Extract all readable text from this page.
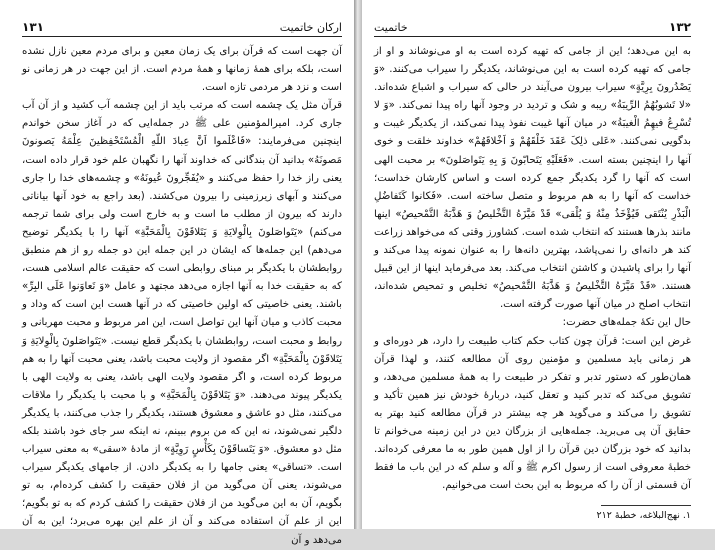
۱۳۱	ارکان خاتمیت

آن جهت است که قرآن برای یک زمان معین و برای مردم معین نازل نشده است، بلکه برای همهٔ زمانها و همهٔ مردم است. از این جهت در هر زمانی نو است و نزد هر مردمی تازه است.

قرآن مثل یک چشمه است که مرتب باید از این چشمه آب کشید و از آن آب جاری کرد. امیرالمؤمنین علی ﷺ در جمله‌ایی که در آغاز سخن خواندم اینچنین می‌فرمایند: «فَاعْلَموا اَنَّ عِبادَ اللّهِ الْمُسْتَحْفِظینَ عِلْمَهُ یَصونونَ مَصونَهُ» بدانید آن بندگانی که خداوند آنها را نگهبان علم خود قرار داده است، یعنی راز خدا را حفظ می‌کنند و «یُفَجِّرونَ عُیونَهُ» و چشمه‌های خدا را جاری می‌کنند و آبهای زیرزمینی را بیرون می‌کشند. (بعد راجع به خود آنها بیاناتی دارند که بیرون از مطلب ما است و به خارج است ولی برای شما ترجمه می‌کنم) «یَتَواصَلونَ بِالْوِلایَةِ وَ یَتَلاقَوْنَ بِالْمَحَبَّةِ» آنها را با یکدیگر توضیح می‌دهم) این جمله‌ها که ایشان در این جمله این دو جمله رو از هم منطبق روابطشان با یکدیگر بر مبنای روابطی است که حقیقت عالم اسلامی هست، که به حقیقت خدا به آنها اجازه می‌دهد مجتهد و عامل «وَ تَعاوَنوا عَلَی البِرِّ» باشند. یعنی خاصیتی که اولین خاصیتی که در آنها هست این است که وداد و محبت کاذب و میان آنها این تواصل است، این امر مربوط و محبت مهربانی و روابط و محبت است، روابطشان با یکدیگر قطع نیست. «یَتَواصَلونَ بِالْوِلایَةِ وَ یَتَلاقَوْنَ بِالْمَحَبَّةِ» اگر مقصود از ولایت محبت باشد، یعنی محبت آنها را به هم مربوط کرده است، و اگر مقصود ولایت الهی باشد، یعنی به ولایت الهی با یکدیگر پیوند می‌دهند. «وَ یَتَلاقَوْنَ بِالْمَحَبَّةِ» و با محبت با یکدیگر را ملاقات می‌کنند، مثل دو عاشق و معشوق هستند، یکدیگر را جذب می‌کنند، با یکدیگر دلگیر نمی‌شوند، نه این که من بروم ببینم، نه اینکه سر جای خود باشند بلکه مثل دو معشوق. «وَ یَتَساقَوْنَ بِکَأْسٍ رَوِیَّةٍ» از مادهٔ «سقی» به معنی سیراب است. «تساقی» یعنی جامها را به یکدیگر دادن. از جامهای یکدیگر سیراب می‌شوند، یعنی آن می‌گوید من از فلان حقیقت را کشف کرده‌ام، به تو بگویم، آن به این می‌گوید من از فلان حقیقت را کشف کردم که به تو بگویم؛ این از علم آن استفاده می‌کند و آن از علم این بهره می‌برد؛ این به آن می‌دهد و آن

خاتمیت	۱۳۲

به این می‌دهد؛ این از جامی که تهیه کرده است به او می‌نوشاند و او از جامی که تهیه کرده است به این می‌نوشاند، یکدیگر را سیراب می‌کنند. «وَ یَصْدُرونَ بِرِیَّةٍ» سیراب بیرون می‌آیند در حالی که سیراب و اشباع شده‌اند. «لا تَشوبُهُمُ الرِّیبَةُ» ریبه و شک و تردید در وجود آنها راه پیدا نمی‌کند. «وَ لا تُسْرِعُ فیهِمُ الْغیبَةُ» در میان آنها غیبت نفوذ پیدا نمی‌کند، از یکدیگر غیبت و بدگویی نمی‌کنند. «عَلی ذلِکَ عَقَدَ خَلْقَهُمْ وَ اَخْلاقَهُمْ» خداوند خلقت و خوی آنها را اینچنین بسته است. «فَعَلَیْهِ یَتَحابّونَ وَ بِهِ یَتَواصَلونَ» بر محبت الهی است که آنها را گرد یکدیگر جمع کرده است و اساس کارشان خداست؛ خداست که آنها را به هم مربوط و متصل ساخته است. «فَکانوا کَتَفاضُلِ الْبَذْرِ یُنْتَقی فَیُؤْخَذُ مِنْهُ وَ یُلْقی» قَدْ مَیَّزَهُ التَّخْلیصُ وَ هَذَّبَهُ التَّمْحیصُ» اینها مانند بذرها هستند که انتخاب شده است. کشاورز وقتی که می‌خواهد زراعت کند هر دانه‌ای را نمی‌پاشد، بهترین دانه‌ها را به عنوان نمونه پیدا می‌کند و آنها را برای پاشیدن و کاشتن انتخاب می‌کند. بعد می‌فرماید اینها از این قبیل هستند. «قَدْ مَیَّزَهُ التَّخْلیصُ وَ هَذَّبَهُ التَّمْحیصُ» تخلیص و تمحیص شده‌اند، انتخاب اصلح در میان آنها صورت گرفته است.

حال این تکهٔ جمله‌های حضرت:

غرض این است: قرآن چون کتاب حکم کتاب طبیعت را دارد، هر دوره‌ای و هر زمانی باید مسلمین و مؤمنین روی آن مطالعه کنند، و لهذا قرآن همان‌طور که دستور تدبر و تفکر در طبیعت را به همهٔ مسلمین می‌دهد، و تشویق می‌کند که تدبر کنید و تعقل کنید، دربارهٔ خودش نیز همین تأکید و تشویق را می‌کند و می‌گوید هر چه بیشتر در قرآن مطالعه کنید بهتر به حقایق آن پی می‌برید. جمله‌هایی از بزرگان دین در این زمینه می‌خوانم تا بدانید که خود بزرگان دین قرآن را از اول همین طور به ما معرفی کرده‌اند. خطبهٔ معروفی است از رسول اکرم ﷺ و آله و سلم که در این باب ما فقط آن قسمتی از آن را که مربوط به این بحث است می‌خوانیم.

۱. نهج‌البلاغه، خطبهٔ ۲۱۲
